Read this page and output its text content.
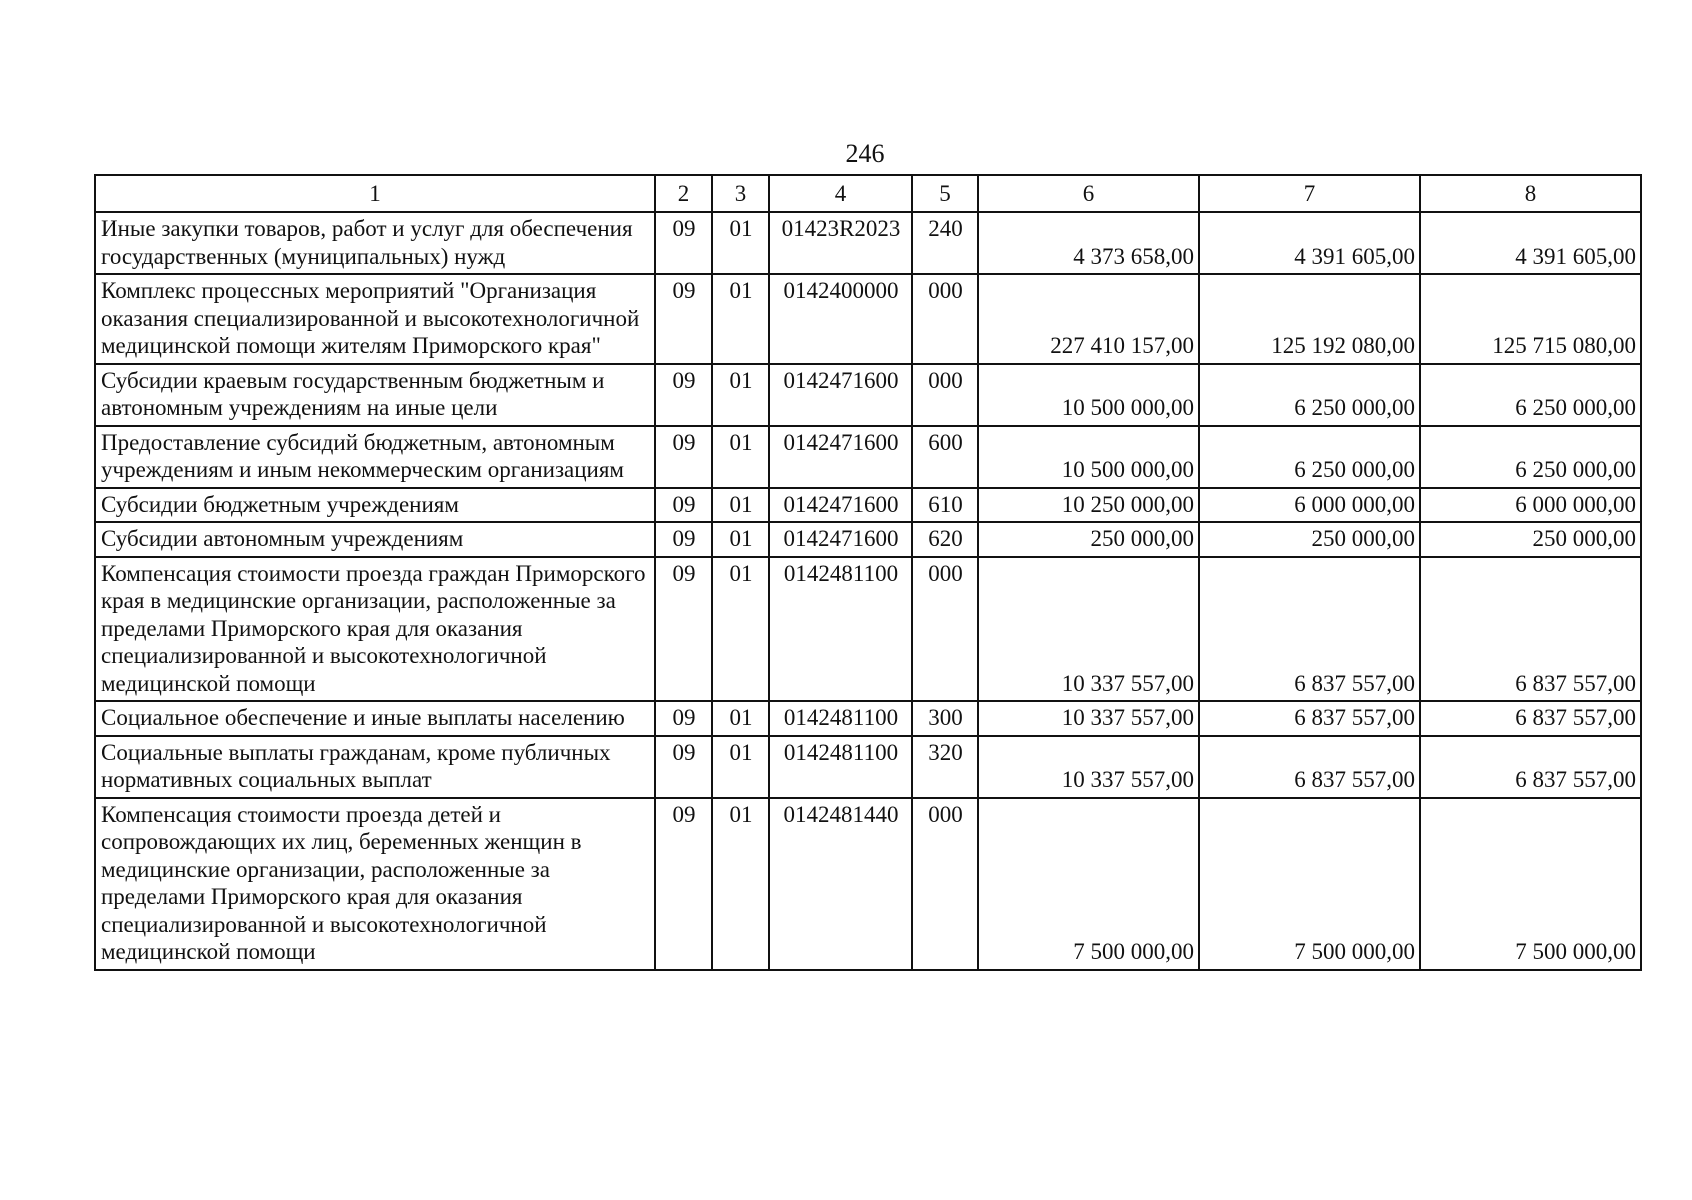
246
1	2	3	4	5	6	7	8
Иные закупки товаров, работ и услуг для обеспечения государственных (муниципальных) нужд	09	01	01423R2023	240	4 373 658,00	4 391 605,00	4 391 605,00
Комплекс процессных мероприятий "Организация оказания специализированной и высокотехнологичной медицинской помощи жителям Приморского края"	09	01	0142400000	000	227 410 157,00	125 192 080,00	125 715 080,00
Субсидии краевым государственным бюджетным и автономным учреждениям на иные цели	09	01	0142471600	000	10 500 000,00	6 250 000,00	6 250 000,00
Предоставление субсидий бюджетным, автономным учреждениям и иным некоммерческим организациям	09	01	0142471600	600	10 500 000,00	6 250 000,00	6 250 000,00
Субсидии бюджетным учреждениям	09	01	0142471600	610	10 250 000,00	6 000 000,00	6 000 000,00
Субсидии автономным учреждениям	09	01	0142471600	620	250 000,00	250 000,00	250 000,00
Компенсация стоимости проезда граждан Приморского края в медицинские организации, расположенные за пределами Приморского края для оказания специализированной и высокотехнологичной медицинской помощи	09	01	0142481100	000	10 337 557,00	6 837 557,00	6 837 557,00
Социальное обеспечение и иные выплаты населению	09	01	0142481100	300	10 337 557,00	6 837 557,00	6 837 557,00
Социальные выплаты гражданам, кроме публичных нормативных социальных выплат	09	01	0142481100	320	10 337 557,00	6 837 557,00	6 837 557,00
Компенсация стоимости проезда детей и сопровождающих их лиц, беременных женщин в медицинские организации, расположенные за пределами Приморского края для оказания специализированной и высокотехнологичной медицинской помощи	09	01	0142481440	000	7 500 000,00	7 500 000,00	7 500 000,00
